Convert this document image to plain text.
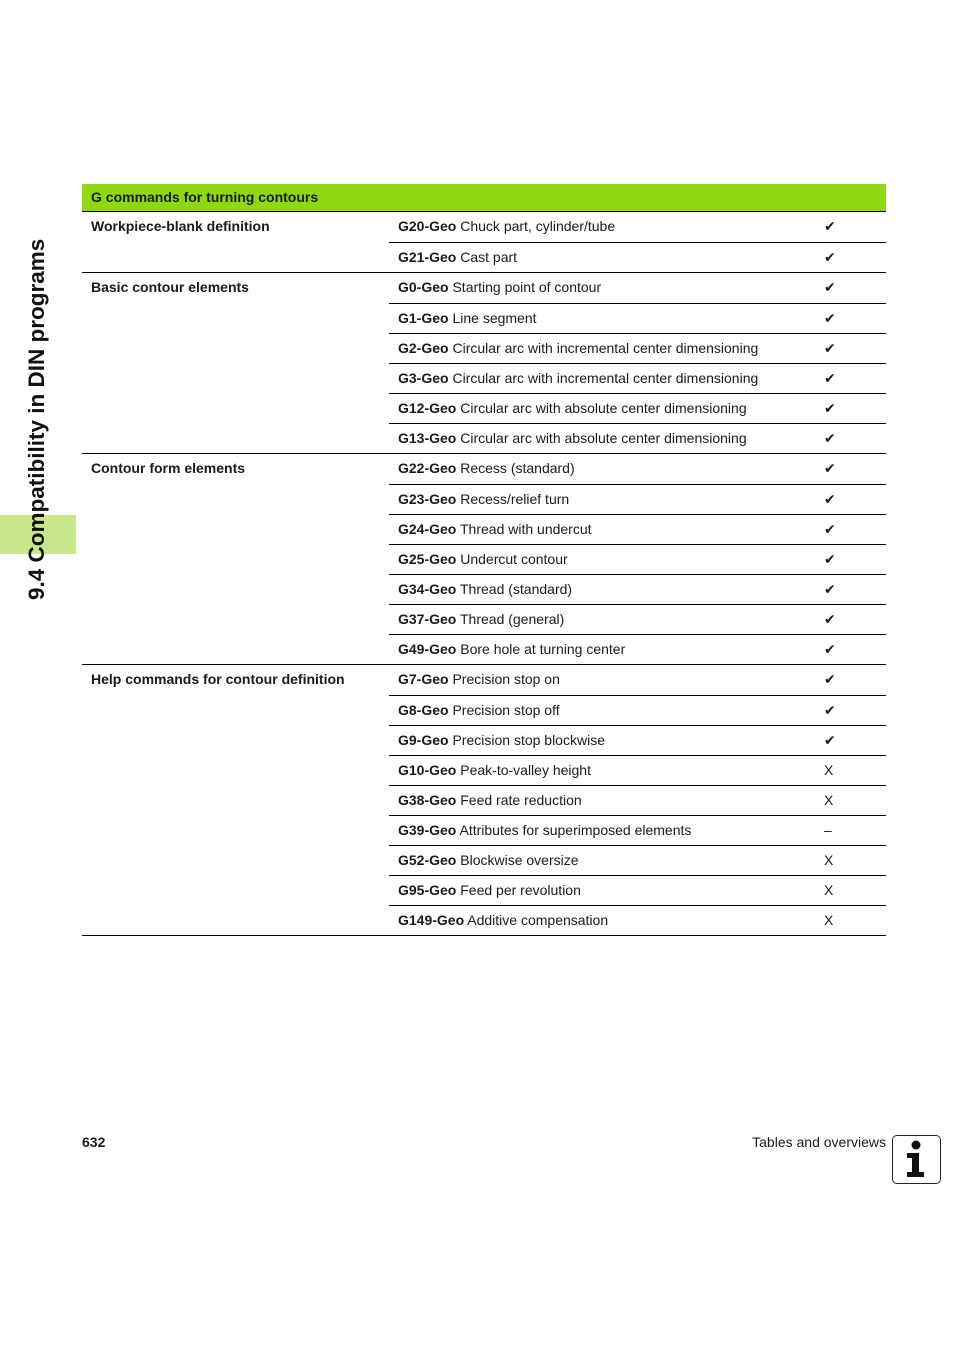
9.4 Compatibility in DIN programs
G commands for turning contours
Workpiece-blank definition	G20-Geo Chuck part, cylinder/tube	✔
G21-Geo Cast part	✔
Basic contour elements	G0-Geo Starting point of contour	✔
G1-Geo Line segment	✔
G2-Geo Circular arc with incremental center dimensioning	✔
G3-Geo Circular arc with incremental center dimensioning	✔
G12-Geo Circular arc with absolute center dimensioning	✔
G13-Geo Circular arc with absolute center dimensioning	✔
Contour form elements	G22-Geo Recess (standard)	✔
G23-Geo Recess/relief turn	✔
G24-Geo Thread with undercut	✔
G25-Geo Undercut contour	✔
G34-Geo Thread (standard)	✔
G37-Geo Thread (general)	✔
G49-Geo Bore hole at turning center	✔
Help commands for contour definition	G7-Geo Precision stop on	✔
G8-Geo Precision stop off	✔
G9-Geo Precision stop blockwise	✔
G10-Geo Peak-to-valley height	X
G38-Geo Feed rate reduction	X
G39-Geo Attributes for superimposed elements	–
G52-Geo Blockwise oversize	X
G95-Geo Feed per revolution	X
G149-Geo Additive compensation	X
632	Tables and overviews
